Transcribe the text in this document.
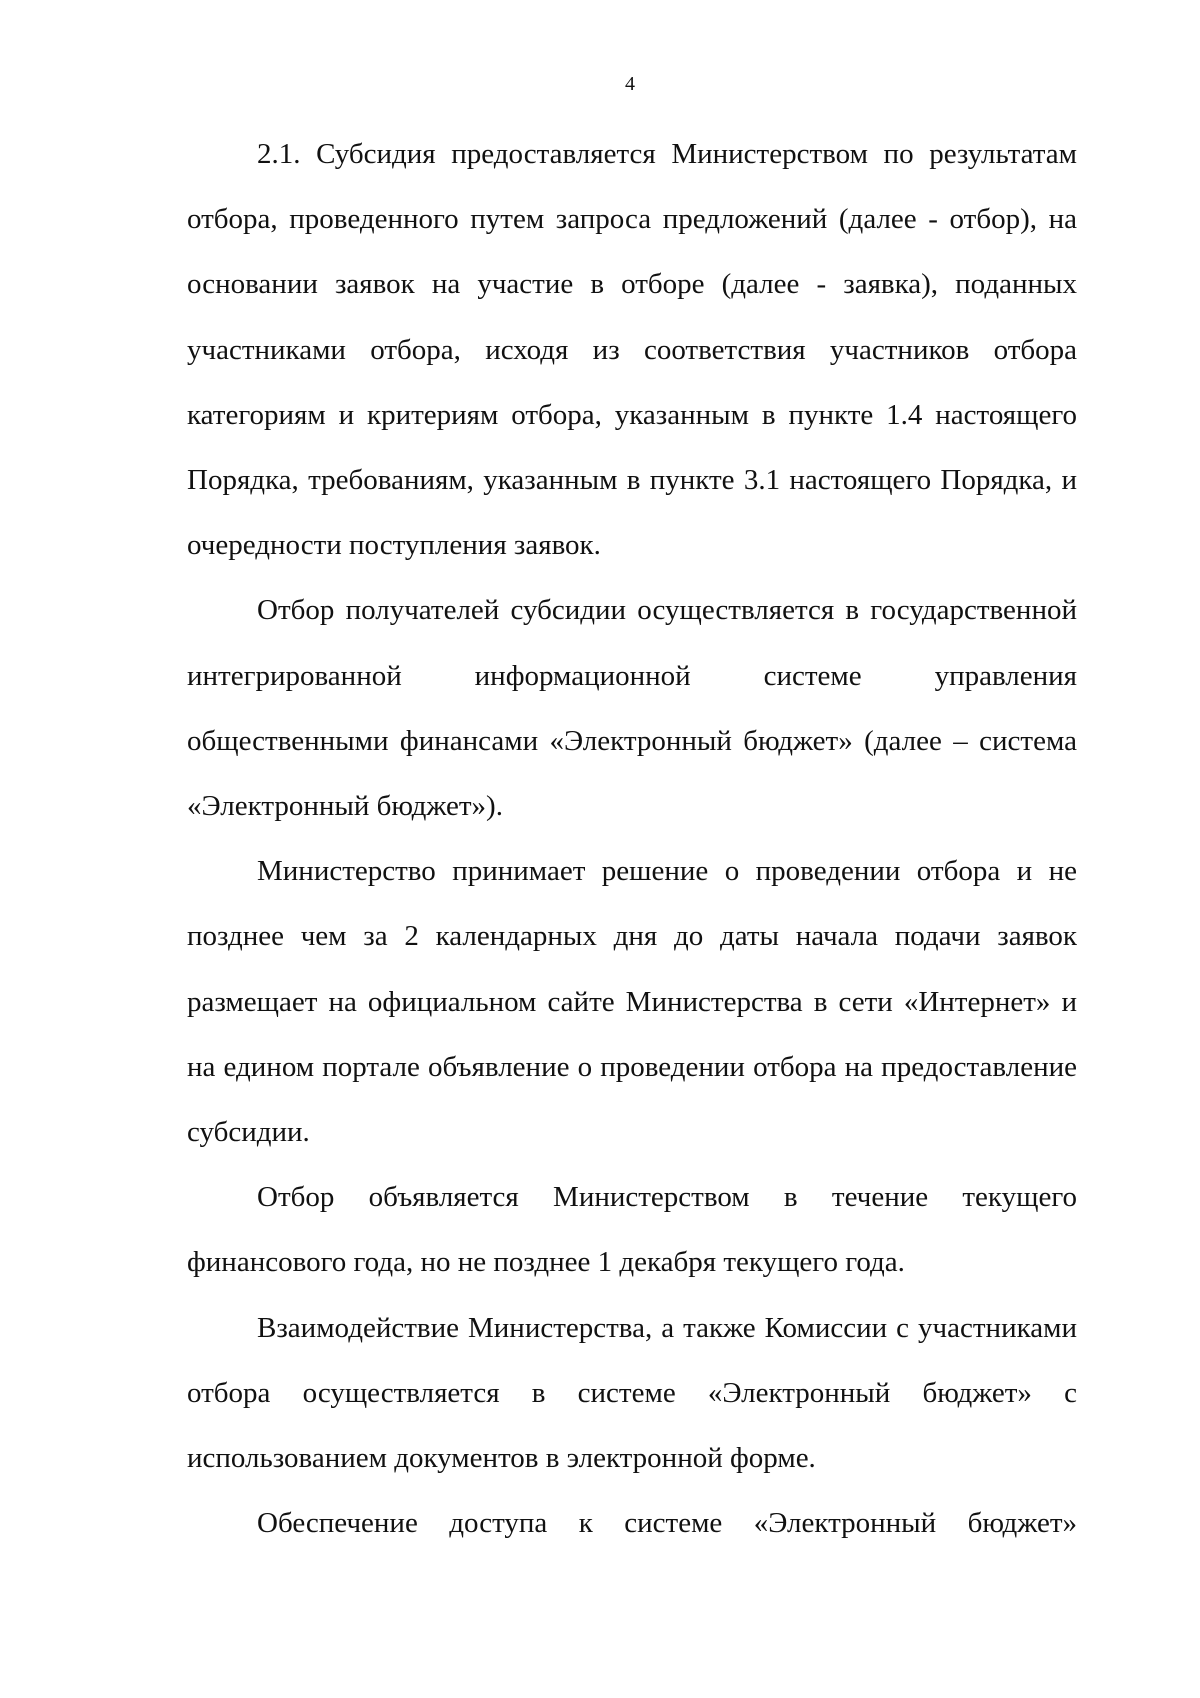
4

2.1. Субсидия предоставляется Министерством по результатам отбора, проведенного путем запроса предложений (далее - отбор), на основании заявок на участие в отборе (далее - заявка), поданных участниками отбора, исходя из соответствия участников отбора категориям и критериям отбора, указанным в пункте 1.4 настоящего Порядка, требованиям, указанным в пункте 3.1 настоящего Порядка, и очередности поступления заявок.

Отбор получателей субсидии осуществляется в государственной интегрированной информационной системе управления общественными финансами «Электронный бюджет» (далее – система «Электронный бюджет»).

Министерство принимает решение о проведении отбора и не позднее чем за 2 календарных дня до даты начала подачи заявок размещает на официальном сайте Министерства в сети «Интернет» и на едином портале объявление о проведении отбора на предоставление субсидии.

Отбор объявляется Министерством в течение текущего финансового года, но не позднее 1 декабря текущего года.

Взаимодействие Министерства, а также Комиссии с участниками отбора осуществляется в системе «Электронный бюджет» с использованием документов в электронной форме.

Обеспечение доступа к системе «Электронный бюджет»
